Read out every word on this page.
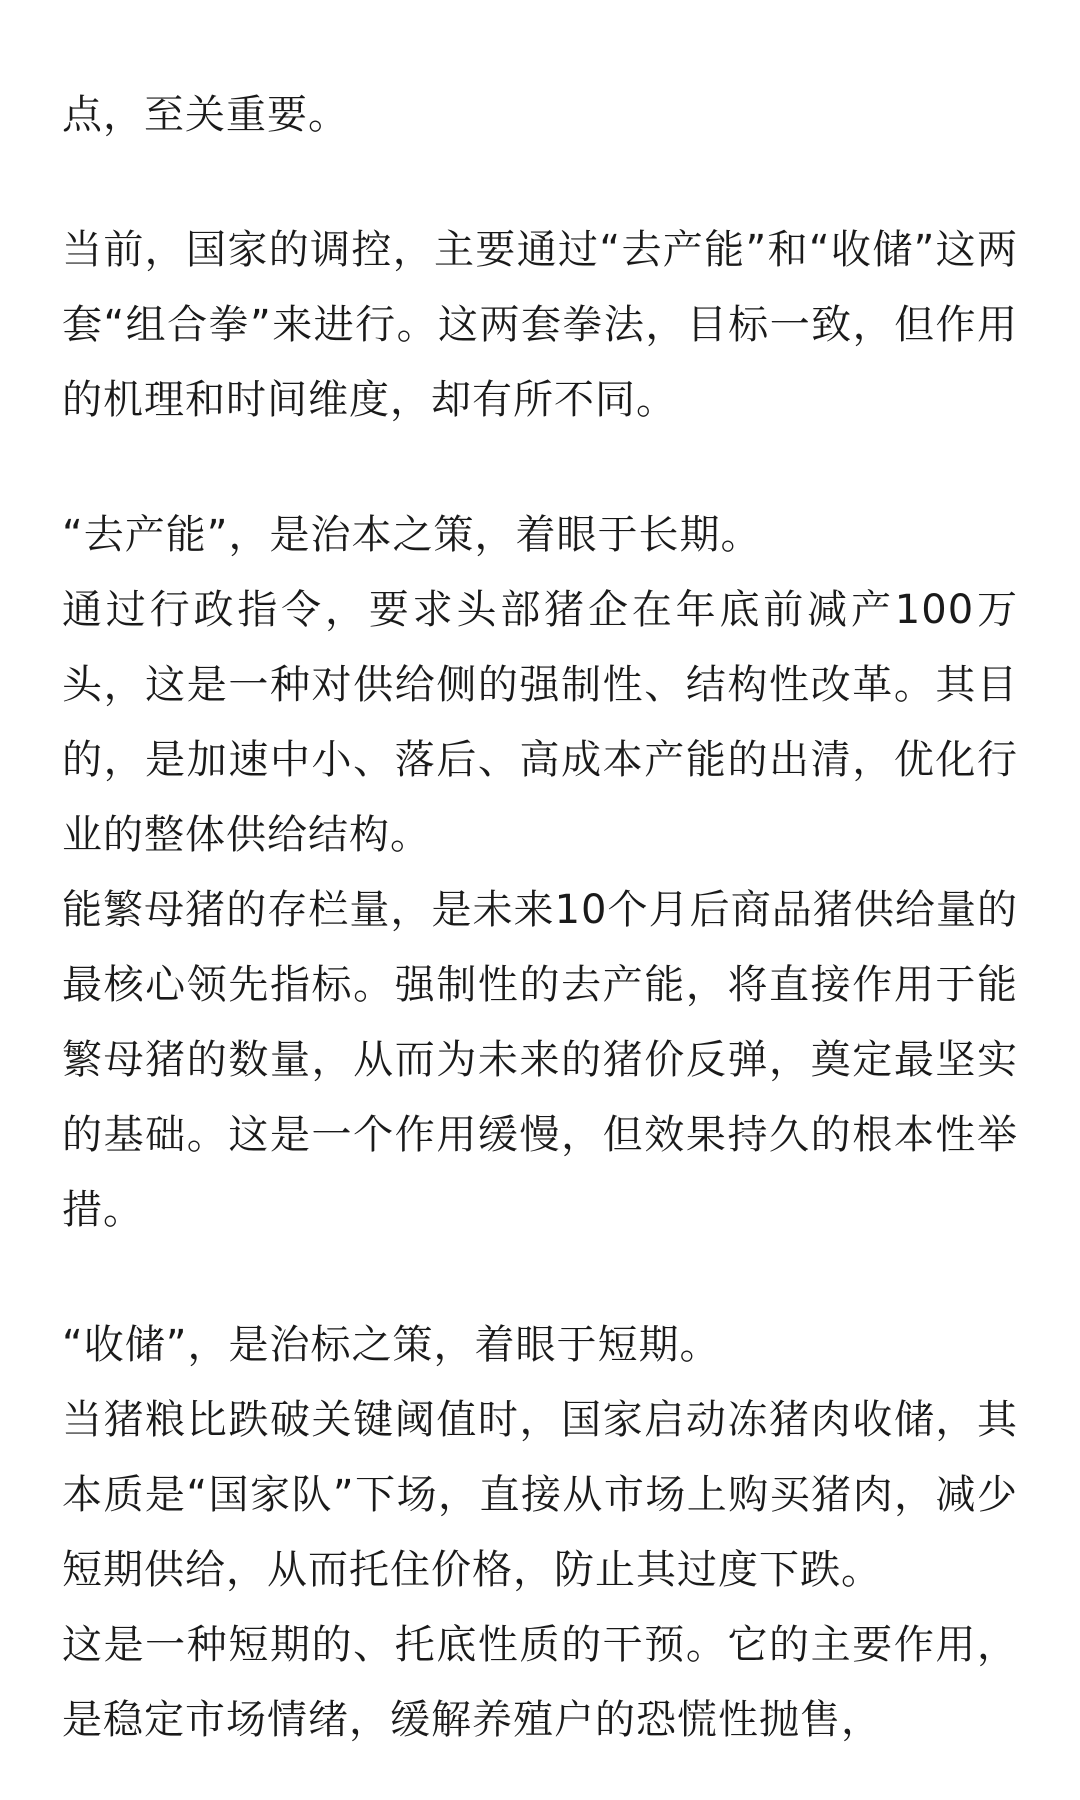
点，至关重要。

当前，国家的调控，主要通过“去产能”和“收储”这两套“组合拳”来进行。这两套拳法，目标一致，但作用的机理和时间维度，却有所不同。

“去产能”，是治本之策，着眼于长期。

通过行政指令，要求头部猪企在年底前减产100万头，这是一种对供给侧的强制性、结构性改革。其目的，是加速中小、落后、高成本产能的出清，优化行业的整体供给结构。

能繁母猪的存栏量，是未来10个月后商品猪供给量的最核心领先指标。强制性的去产能，将直接作用于能繁母猪的数量，从而为未来的猪价反弹，奠定最坚实的基础。这是一个作用缓慢，但效果持久的根本性举措。

“收储”，是治标之策，着眼于短期。

当猪粮比跌破关键阈值时，国家启动冻猪肉收储，其本质是“国家队”下场，直接从市场上购买猪肉，减少短期供给，从而托住价格，防止其过度下跌。

这是一种短期的、托底性质的干预。它的主要作用，是稳定市场情绪，缓解养殖户的恐慌性抛售，
